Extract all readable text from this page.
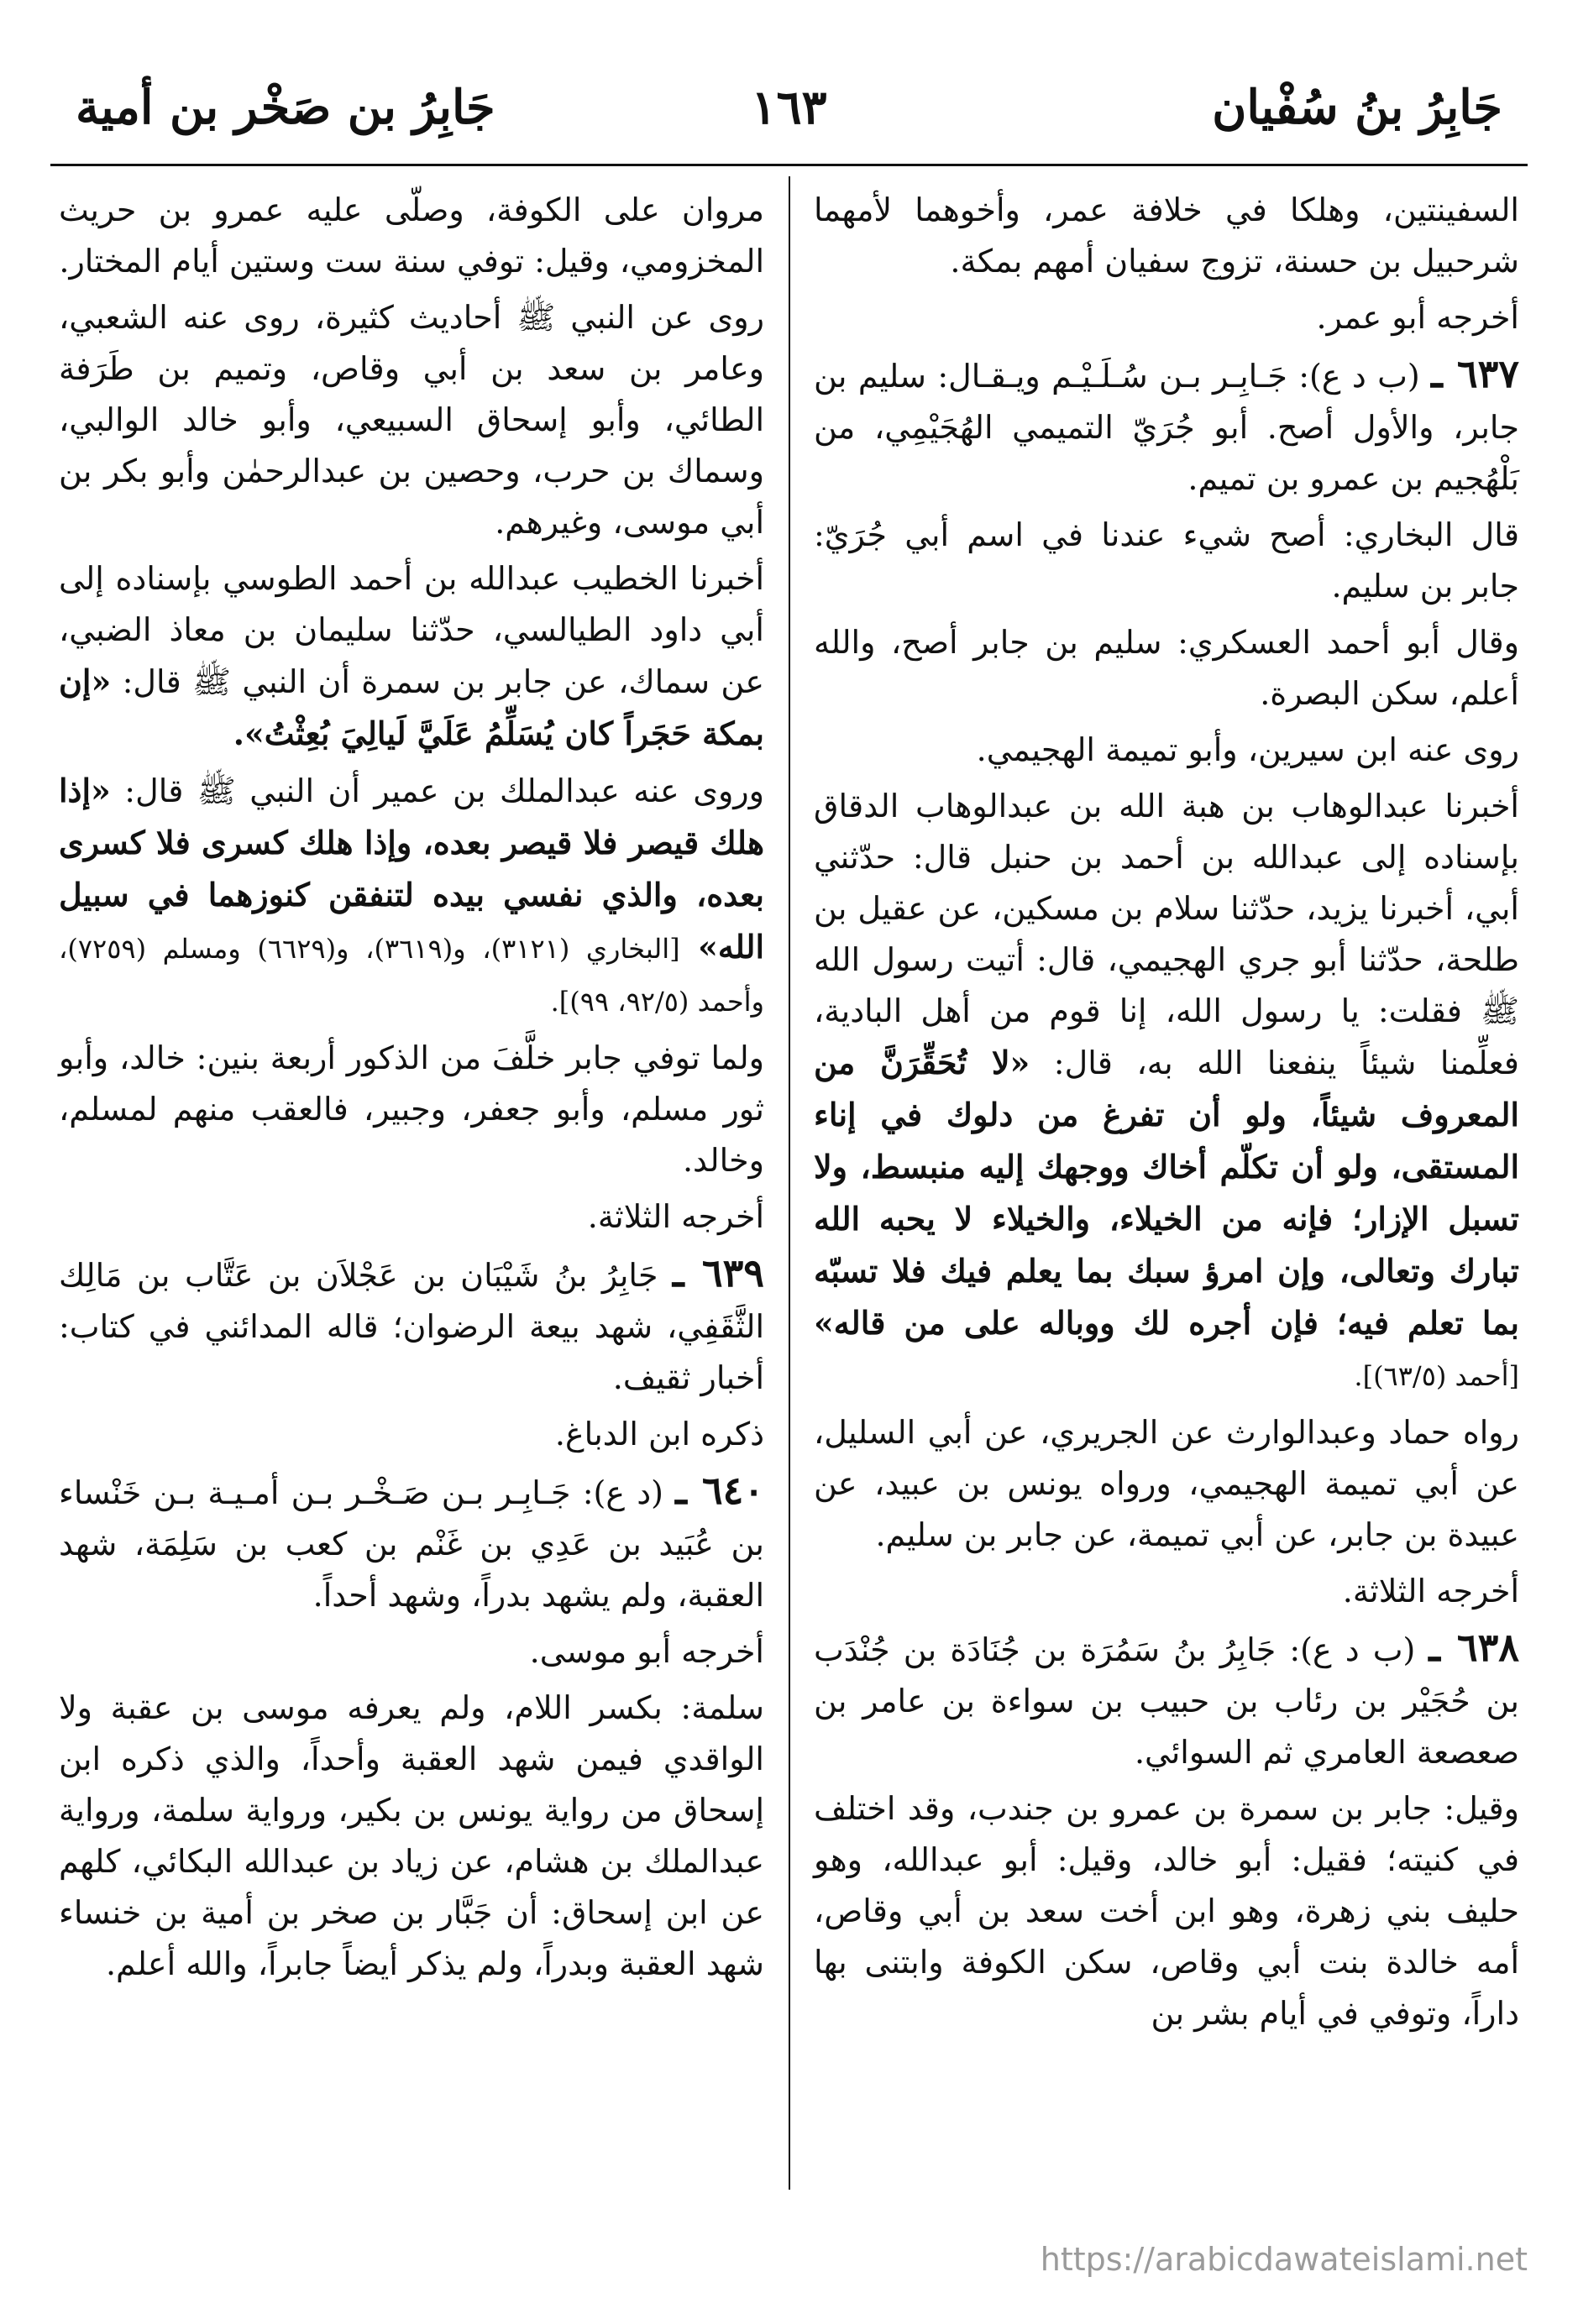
جَابِرُ بنُ سُفْيان
١٦٣
جَابِرُ بن صَخْر بن أمية

السفينتين، وهلكا في خلافة عمر، وأخوهما لأمهما شرحبيل بن حسنة، تزوج سفيان أمهم بمكة.

أخرجه أبو عمر.

٦٣٧ ـ (ب د ع): جَـابِـر بـن سُـلَـيْـم ويـقـال: سليم بن جابر، والأول أصح. أبو جُرَيّ التميمي الهُجَيْمِي، من بَلْهُجيم بن عمرو بن تميم.

قال البخاري: أصح شيء عندنا في اسم أبي جُرَيّ: جابر بن سليم.

وقال أبو أحمد العسكري: سليم بن جابر أصح، والله أعلم، سكن البصرة.

روى عنه ابن سيرين، وأبو تميمة الهجيمي.

أخبرنا عبدالوهاب بن هبة الله بن عبدالوهاب الدقاق بإسناده إلى عبدالله بن أحمد بن حنبل قال: حدّثني أبي، أخبرنا يزيد، حدّثنا سلام بن مسكين، عن عقيل بن طلحة، حدّثنا أبو جري الهجيمي، قال: أتيت رسول الله ﷺ فقلت: يا رسول الله، إنا قوم من أهل البادية، فعلِّمنا شيئاً ينفعنا الله به، قال: «لا تُحَقِّرَنَّ من المعروف شيئاً، ولو أن تفرغ من دلوك في إناء المستقى، ولو أن تكلّم أخاك ووجهك إليه منبسط، ولا تسبل الإزار؛ فإنه من الخيلاء، والخيلاء لا يحبه الله تبارك وتعالى، وإن امرؤ سبك بما يعلم فيك فلا تسبّه بما تعلم فيه؛ فإن أجره لك ووباله على من قاله» [أحمد (٦٣/٥)].

رواه حماد وعبدالوارث عن الجريري، عن أبي السليل، عن أبي تميمة الهجيمي، ورواه يونس بن عبيد، عن عبيدة بن جابر، عن أبي تميمة، عن جابر بن سليم.

أخرجه الثلاثة.

٦٣٨ ـ (ب د ع): جَابِرُ بنُ سَمُرَة بن جُنَادَة بن جُنْدَب بن حُجَيْر بن رئاب بن حبيب بن سواءة بن عامر بن صعصعة العامري ثم السوائي.

وقيل: جابر بن سمرة بن عمرو بن جندب، وقد اختلف في كنيته؛ فقيل: أبو خالد، وقيل: أبو عبدالله، وهو حليف بني زهرة، وهو ابن أخت سعد بن أبي وقاص، أمه خالدة بنت أبي وقاص، سكن الكوفة وابتنى بها داراً، وتوفي في أيام بشر بن

مروان على الكوفة، وصلّى عليه عمرو بن حريث المخزومي، وقيل: توفي سنة ست وستين أيام المختار.

روى عن النبي ﷺ أحاديث كثيرة، روى عنه الشعبي، وعامر بن سعد بن أبي وقاص، وتميم بن طَرَفة الطائي، وأبو إسحاق السبيعي، وأبو خالد الوالبي، وسماك بن حرب، وحصين بن عبدالرحمٰن وأبو بكر بن أبي موسى، وغيرهم.

أخبرنا الخطيب عبدالله بن أحمد الطوسي بإسناده إلى أبي داود الطيالسي، حدّثنا سليمان بن معاذ الضبي، عن سماك، عن جابر بن سمرة أن النبي ﷺ قال: «إن بمكة حَجَراً كان يُسَلِّمُ عَلَيَّ لَيالِيَ بُعِثْتُ».

وروى عنه عبدالملك بن عمير أن النبي ﷺ قال: «إذا هلك قيصر فلا قيصر بعده، وإذا هلك كسرى فلا كسرى بعده، والذي نفسي بيده لتنفقن كنوزهما في سبيل الله» [البخاري (٣١٢١)، و(٣٦١٩)، و(٦٦٢٩) ومسلم (٧٢٥٩)، وأحمد (٩٢/٥، ٩٩)].

ولما توفي جابر خلَّفَ من الذكور أربعة بنين: خالد، وأبو ثور مسلم، وأبو جعفر، وجبير، فالعقب منهم لمسلم، وخالد.

أخرجه الثلاثة.

٦٣٩ ـ جَابِرُ بنُ شَيْبَان بن عَجْلاَن بن عَتَّاب بن مَالِك الثَّقَفِي، شهد بيعة الرضوان؛ قاله المدائني في كتاب: أخبار ثقيف.

ذكره ابن الدباغ.

٦٤٠ ـ (د ع): جَـابِـر بـن صَـخْـر بـن أمـيـة بـن خَنْساء بن عُبَيد بن عَدِي بن غَنْم بن كعب بن سَلِمَة، شهد العقبة، ولم يشهد بدراً، وشهد أحداً.

أخرجه أبو موسى.

سلمة: بكسر اللام، ولم يعرفه موسى بن عقبة ولا الواقدي فيمن شهد العقبة وأحداً، والذي ذكره ابن إسحاق من رواية يونس بن بكير، ورواية سلمة، ورواية عبدالملك بن هشام، عن زياد بن عبدالله البكائي، كلهم عن ابن إسحاق: أن جَبَّار بن صخر بن أمية بن خنساء شهد العقبة وبدراً، ولم يذكر أيضاً جابراً، والله أعلم.

https://arabicdawateislami.net
